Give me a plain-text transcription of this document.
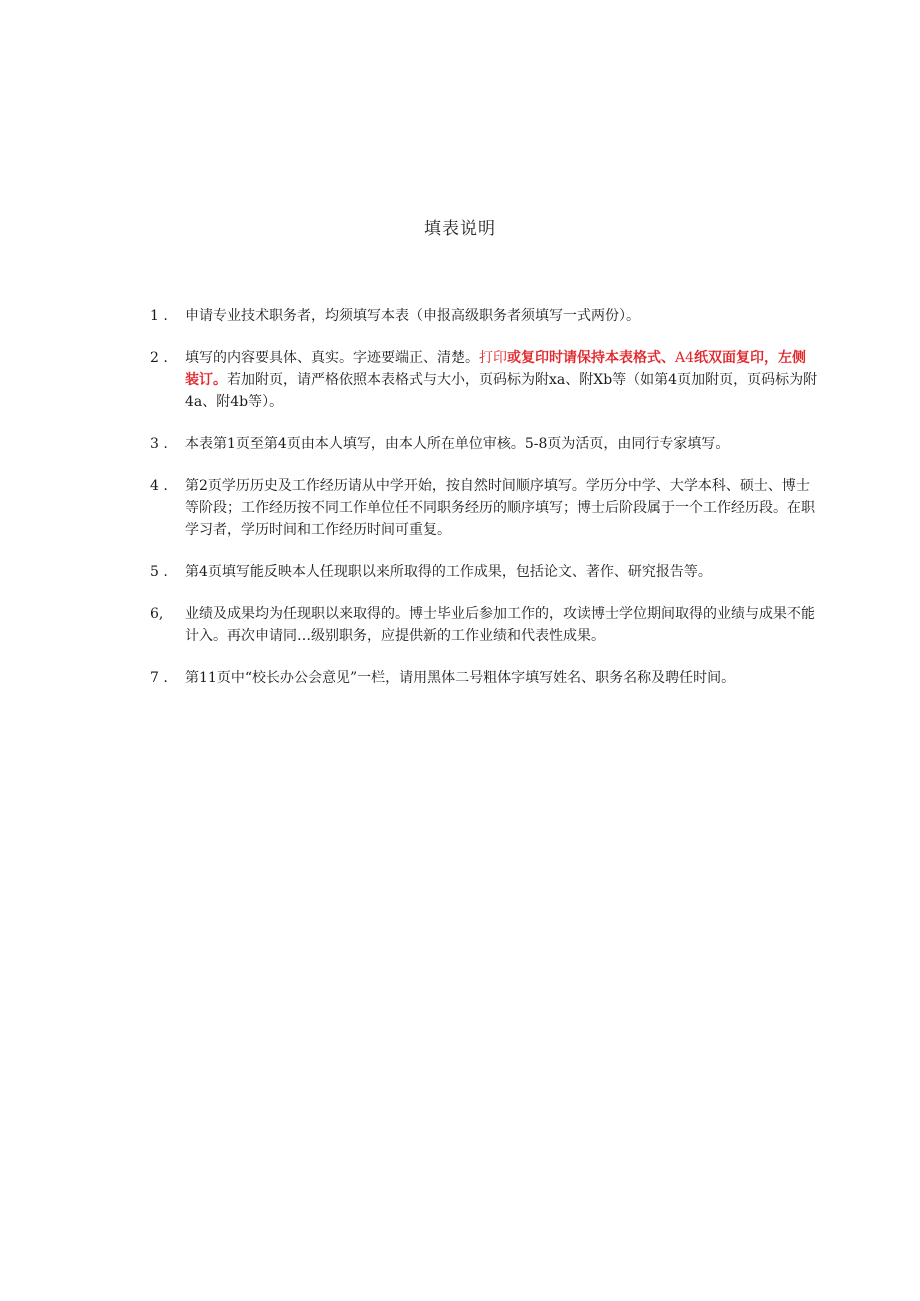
填表说明
1 .	申请专业技术职务者，均须填写本表（申报高级职务者须填写一式两份）。
2 .	填写的内容要具体、真实。字迹要端正、清楚。打印或复印时请保持本表格式、A4纸双面复印，左侧装订。若加附页，请严格依照本表格式与大小，页码标为附xa、附Xb等（如第4页加附页，页码标为附4a、附4b等）。
3 .	本表第1页至第4页由本人填写，由本人所在单位审核。5-8页为活页，由同行专家填写。
4 .	第2页学历历史及工作经历请从中学开始，按自然时间顺序填写。学历分中学、大学本科、硕士、博士等阶段；工作经历按不同工作单位任不同职务经历的顺序填写；博士后阶段属于一个工作经历段。在职学习者，学历时间和工作经历时间可重复。
5 .	第4页填写能反映本人任现职以来所取得的工作成果，包括论文、著作、研究报告等。
6,	业绩及成果均为任现职以来取得的。博士毕业后参加工作的，攻读博士学位期间取得的业绩与成果不能计入。再次申请同…级别职务，应提供新的工作业绩和代表性成果。
7 .	第11页中“校长办公会意见”一栏，请用黑体二号粗体字填写姓名、职务名称及聘任时间。
